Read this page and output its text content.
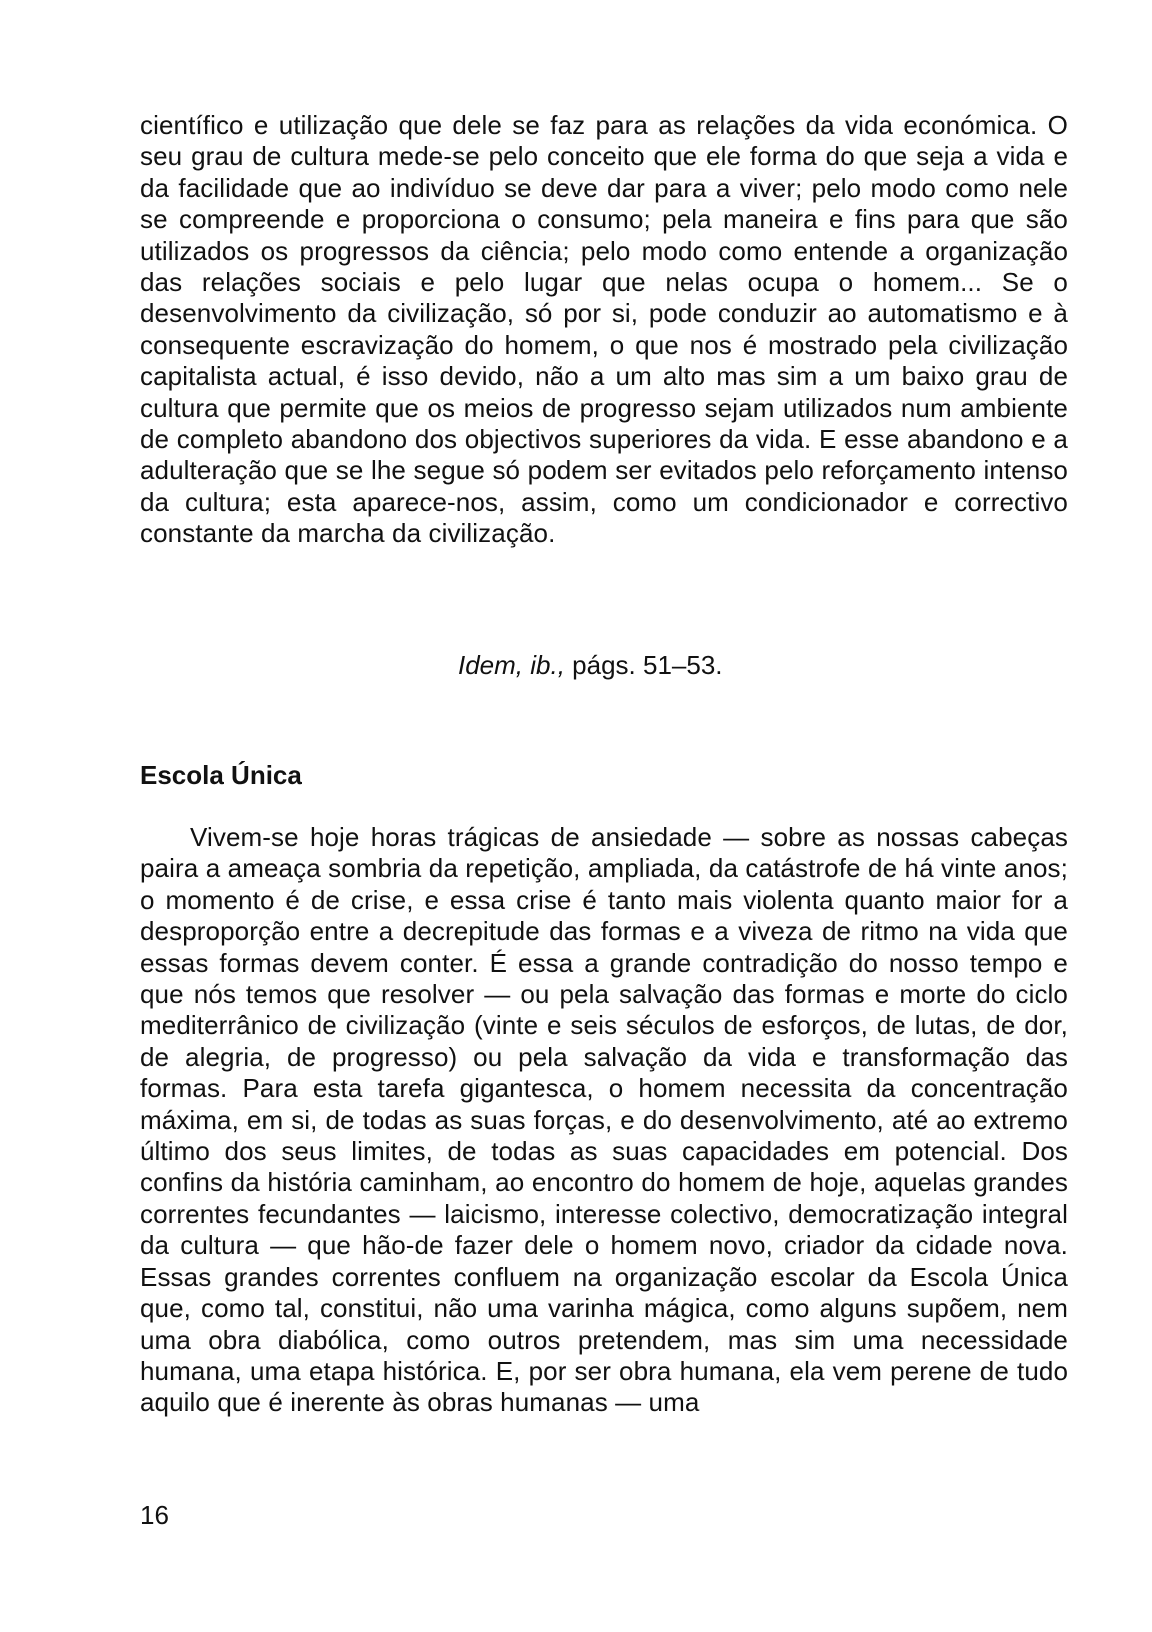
científico e utilização que dele se faz para as relações da vida económica. O seu grau de cultura mede-se pelo conceito que ele forma do que seja a vida e da facilidade que ao indivíduo se deve dar para a viver; pelo modo como nele se compreende e proporciona o consumo; pela maneira e fins para que são utilizados os progressos da ciência; pelo modo como entende a organização das relações sociais e pelo lugar que nelas ocupa o homem... Se o desenvolvimento da civilização, só por si, pode conduzir ao automatismo e à consequente escravização do homem, o que nos é mostrado pela civilização capitalista actual, é isso devido, não a um alto mas sim a um baixo grau de cultura que permite que os meios de progresso sejam utilizados num ambiente de completo abandono dos objectivos superiores da vida. E esse abandono e a adulteração que se lhe segue só podem ser evitados pelo reforçamento intenso da cultura; esta aparece-nos, assim, como um condicionador e correctivo constante da marcha da civilização.

Idem, ib., págs. 51–53.
Escola Única

Vivem-se hoje horas trágicas de ansiedade — sobre as nossas cabeças paira a ameaça sombria da repetição, ampliada, da catástrofe de há vinte anos; o momento é de crise, e essa crise é tanto mais violenta quanto maior for a desproporção entre a decrepitude das formas e a viveza de ritmo na vida que essas formas devem conter. É essa a grande contradição do nosso tempo e que nós temos que resolver — ou pela salvação das formas e morte do ciclo mediterrânico de civilização (vinte e seis séculos de esforços, de lutas, de dor, de alegria, de progresso) ou pela salvação da vida e transformação das formas. Para esta tarefa gigantesca, o homem necessita da concentração máxima, em si, de todas as suas forças, e do desenvolvimento, até ao extremo último dos seus limites, de todas as suas capacidades em potencial. Dos confins da história caminham, ao encontro do homem de hoje, aquelas grandes correntes fecundantes — laicismo, interesse colectivo, democratização integral da cultura — que hão-de fazer dele o homem novo, criador da cidade nova. Essas grandes correntes confluem na organização escolar da Escola Única que, como tal, constitui, não uma varinha mágica, como alguns supõem, nem uma obra diabólica, como outros pretendem, mas sim uma necessidade humana, uma etapa histórica. E, por ser obra humana, ela vem perene de tudo aquilo que é inerente às obras humanas — uma

16
